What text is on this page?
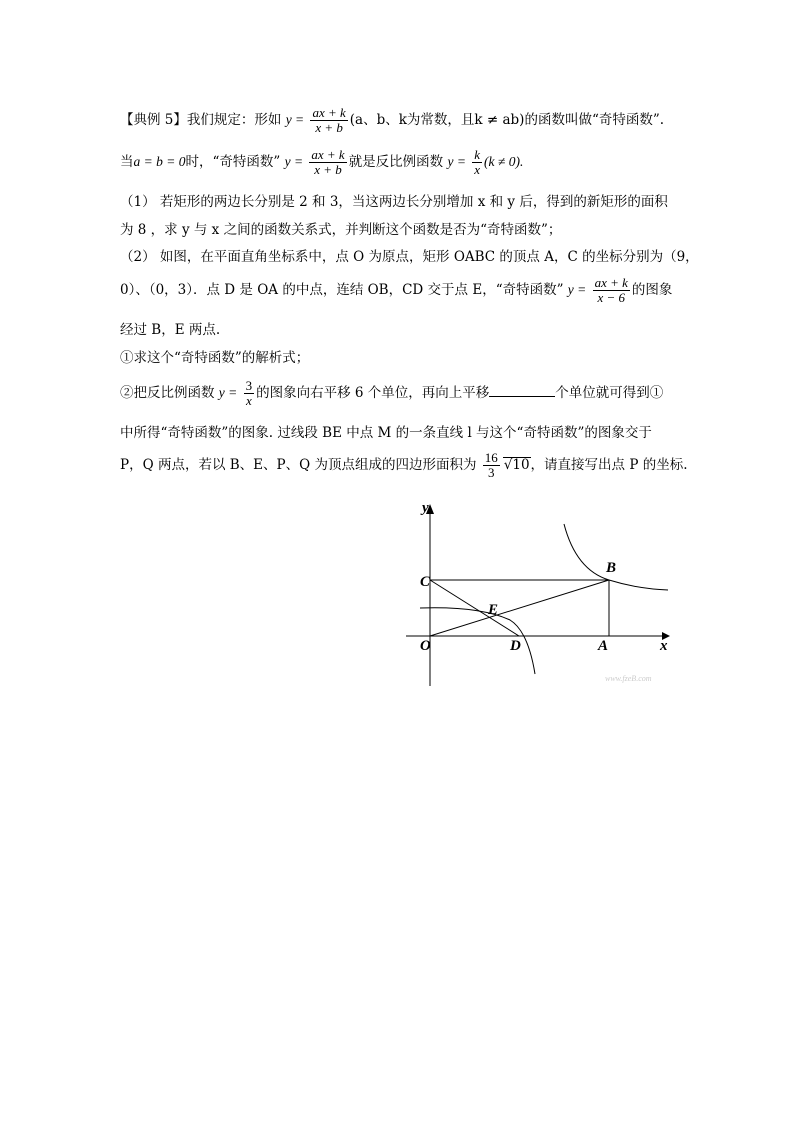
【典例 5】我们规定：形如 $y = \frac{ax + k}{x + b} (a$、b、k为常数，且k ≠ ab)的函数叫做“奇特函数”.
当a = b = 0时，“奇特函数” $y = \frac{ax + k}{x + b}$ 就是反比例函数 $y = \frac{k}{x} (k \ne 0)$.
（1） 若矩形的两边长分别是 2 和 3，当这两边长分别增加 x 和 y 后，得到的新矩形的面积
为 8 ，求 y 与 x 之间的函数关系式，并判断这个函数是否为“奇特函数”；
（2） 如图，在平面直角坐标系中，点 O 为原点，矩形 OABC 的顶点 A，C 的坐标分别为（9，
0）、（0，3）．点 D 是 OA 的中点，连结 OB，CD 交于点 E，“奇特函数” $y = \frac{ax + k}{x - 6}$ 的图象
经过 B，E 两点.
①求这个“奇特函数”的解析式；
②把反比例函数 $y = \frac{3}{x}$ 的图象向右平移 6 个单位，再向上平移	个单位就可得到①
中所得“奇特函数”的图象. 过线段 BE 中点 M 的一条直线 l 与这个“奇特函数”的图象交于
P，Q 两点，若以 B、E、P、Q 为顶点组成的四边形面积为 $\frac{16}{3} √10$，请直接写出点 P 的坐标.
y
x
O	A
B
C
D
E
www.fzeB.com
